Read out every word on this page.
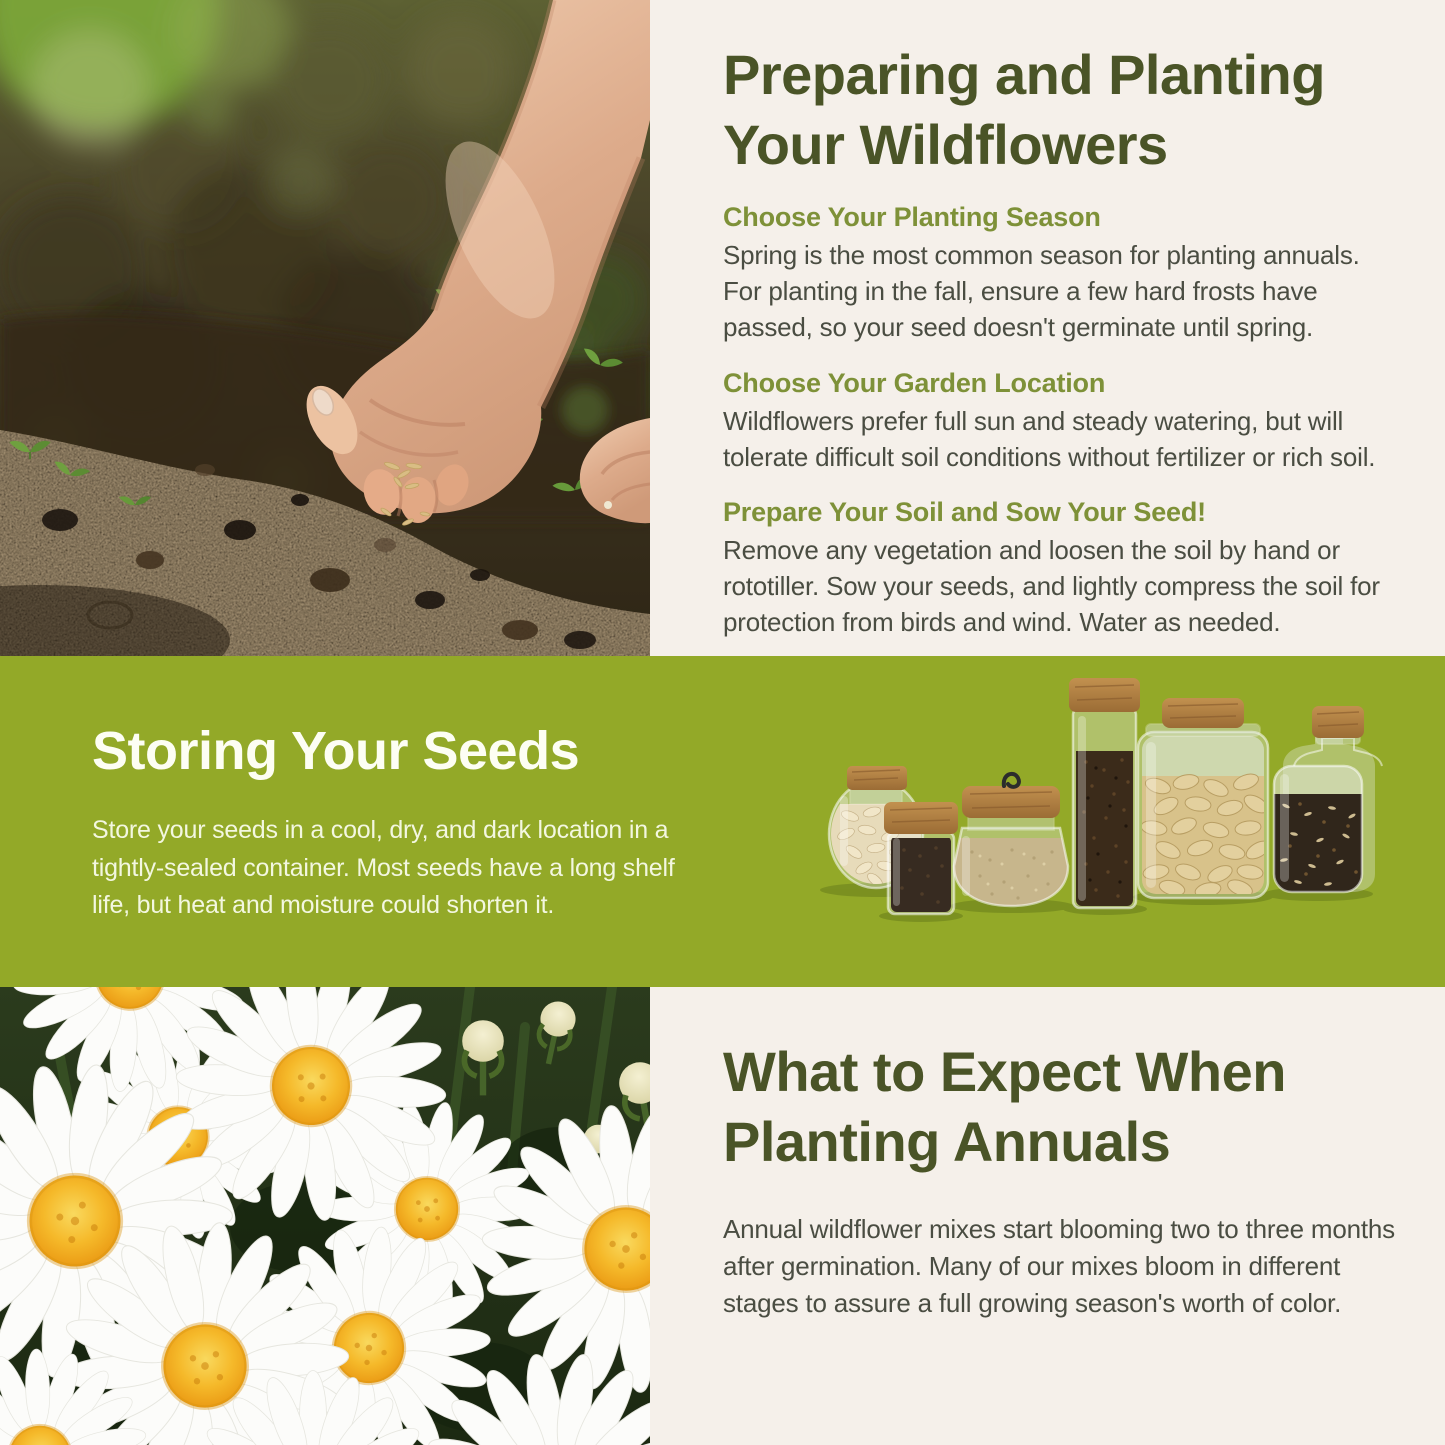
Preparing and Planting
Your Wildflowers
Choose Your Planting Season

Spring is the most common season for planting annuals. For planting in the fall, ensure a few hard frosts have passed, so your seed doesn't germinate until spring.

Choose Your Garden Location

Wildflowers prefer full sun and steady watering, but will tolerate difficult soil conditions without fertilizer or rich soil.

Prepare Your Soil and Sow Your Seed!

Remove any vegetation and loosen the soil by hand or rototiller. Sow your seeds, and lightly compress the soil for protection from birds and wind. Water as needed.

Storing Your Seeds

Store your seeds in a cool, dry, and dark location in a tightly-sealed container. Most seeds have a long shelf life, but heat and moisture could shorten it.

What to Expect When
Planting Annuals

Annual wildflower mixes start blooming two to three months after germination. Many of our mixes bloom in different stages to assure a full growing season's worth of color.
